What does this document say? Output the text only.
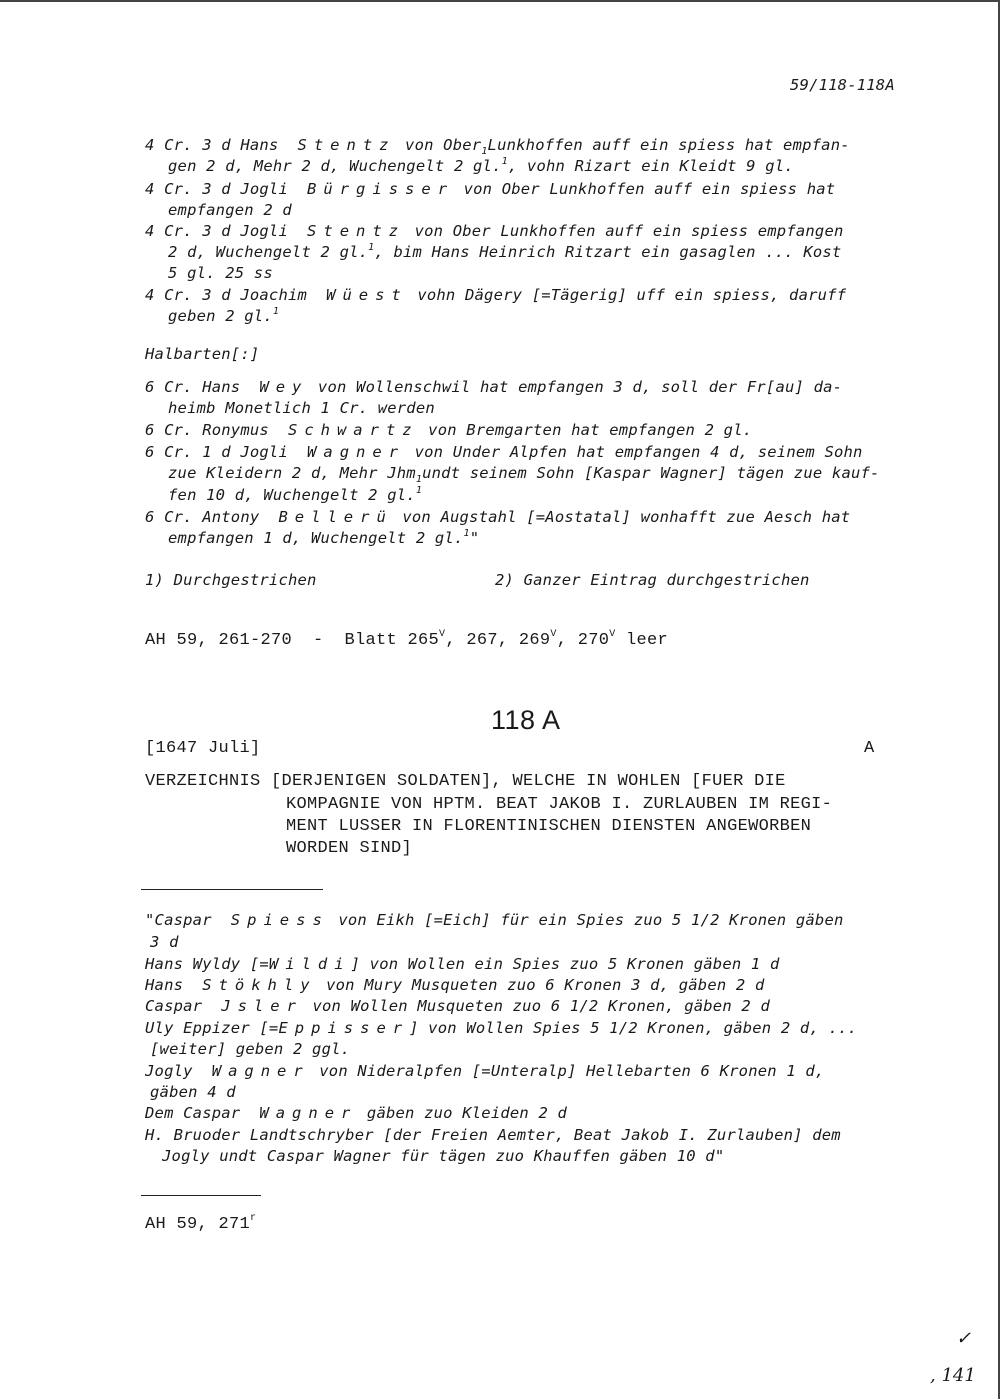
59/118-118A
4 Cr. 3 d Hans  Stentz von Ober$_1$Lunkhoffen auff ein spiess hat empfan-
gen 2 d, Mehr 2 d, Wuchengelt 2 gl.$^1$, vohn Rizart ein Kleidt 9 gl.
4 Cr. 3 d Jogli  Bürgisser von Ober Lunkhoffen auff ein spiess hat
empfangen 2 d
4 Cr. 3 d Jogli  Stentz von Ober Lunkhoffen auff ein spiess empfangen
2 d, Wuchengelt 2 gl.$^1$, bim Hans Heinrich Ritzart ein gasaglen ... Kost
5 gl. 25 ss
4 Cr. 3 d Joachim  Wüest vohn Dägery [=Tägerig] uff ein spiess, daruff
geben 2 gl.$^1$
Halbarten[:]
6 Cr. Hans  Wey von Wollenschwil hat empfangen 3 d, soll der Fr[au] da-
heimb Monetlich 1 Cr. werden
6 Cr. Ronymus  Schwartz von Bremgarten hat empfangen 2 gl.
6 Cr. 1 d Jogli  Wagner von Under Alpfen hat empfangen 4 d, seinem Sohn
zue Kleidern 2 d, Mehr Jhm$_1$undt seinem Sohn [Kaspar Wagner] tägen zue kauf-
fen 10 d, Wuchengelt 2 gl.$^1$
6 Cr. Antony  Bellerü von Augstahl [=Aostatal] wonhafft zue Aesch hat
empfangen 1 d, Wuchengelt 2 gl.$^1$"
1) Durchgestrichen	2) Ganzer Eintrag durchgestrichen
AH 59, 261-270  -  Blatt $265^V$, 267, $269^V$, $270^V$ leer
118 A
[1647 Juli]	A
VERZEICHNIS [DERJENIGEN SOLDATEN], WELCHE IN WOHLEN [FUER DIE
KOMPAGNIE VON HPTM. BEAT JAKOB I. ZURLAUBEN IM REGI-
MENT LUSSER IN FLORENTINISCHEN DIENSTEN ANGEWORBEN
WORDEN SIND]
"Caspar  Spiess von Eikh [=Eich] für ein Spies zuo 5 1/2 Kronen gäben
3 d
Hans Wyldy [=Wildi] von Wollen ein Spies zuo 5 Kronen gäben 1 d
Hans  Stökhly von Mury Musqueten zuo 6 Kronen 3 d, gäben 2 d
Caspar  Jsler von Wollen Musqueten zuo 6 1/2 Kronen, gäben 2 d
Uly Eppizer [=Eppisser] von Wollen Spies 5 1/2 Kronen, gäben 2 d, ...
[weiter] geben 2 ggl.
Jogly  Wagner von Nideralpfen [=Unteralp] Hellebarten 6 Kronen 1 d,
gäben 4 d
Dem Caspar  Wagner gäben zuo Kleiden 2 d
H. Bruoder Landtschryber [der Freien Aemter, Beat Jakob I. Zurlauben] dem
Jogly undt Caspar Wagner für tägen zuo Khauffen gäben 10 d"
AH 59, 271$^r$
✓
, 141
